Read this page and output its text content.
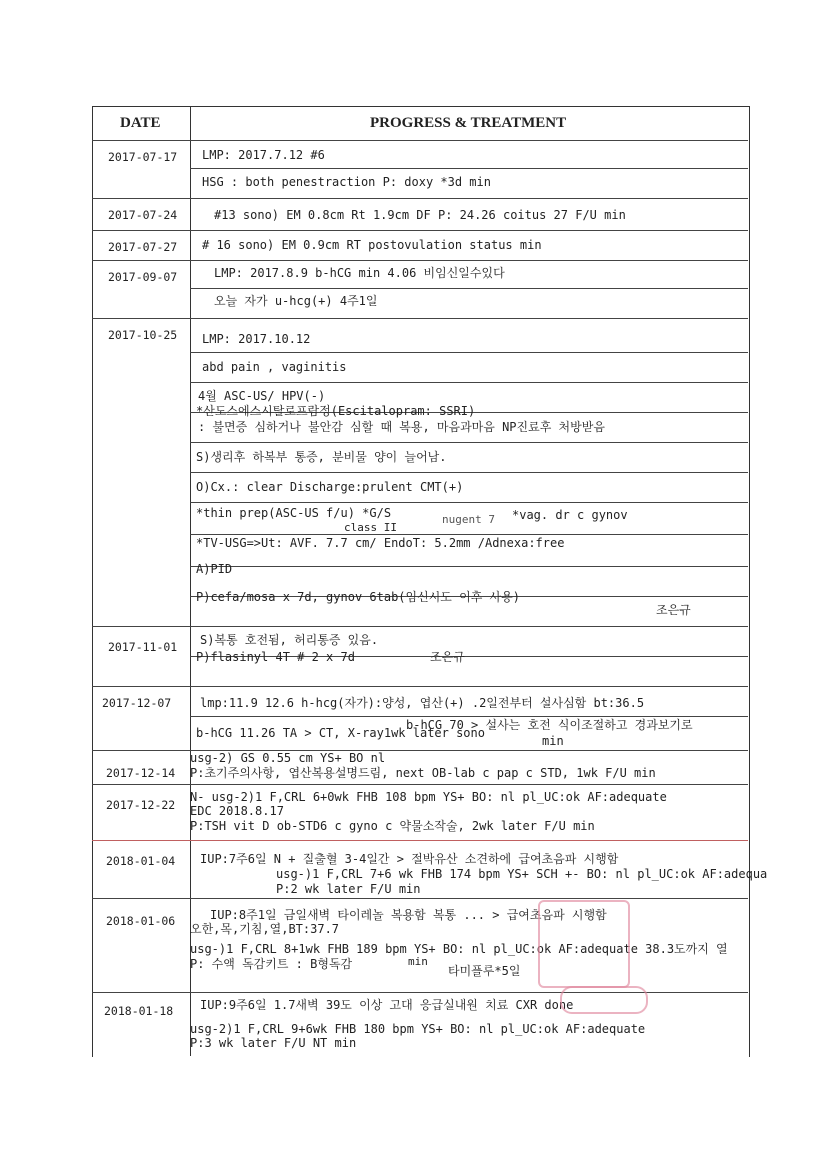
DATE	PROGRESS & TREATMENT
2017-07-17 LMP: 2017.7.12 #6
HSG : both penestraction P: doxy *3d min
2017-07-24	#13 sono) EM 0.8cm Rt 1.9cm DF P: 24.26 coitus 27 F/U min
2017-07-27 # 16 sono) EM 0.9cm RT postovulation status min
2017-09-07	LMP: 2017.8.9 b-hCG min 4.06 비임신일수있다
오늘 자가 u-hcg(+) 4주1일
2017-10-25 LMP: 2017.10.12
abd pain , vaginitis
4월 ASC-US/ HPV(-)
*산도스에스시탈로프람정(Escitalopram: SSRI)
: 불면증 심하거나 불안감 심할 때 복용, 마음과마음 NP진료후 처방받음
S)생리후 하복부 통증, 분비물 양이 늘어남.
O)Cx.: clear Discharge:prulent CMT(+)
*thin prep(ASC-US f/u) *G/S	nugent 7 *vag. dr c gynov
class II
*TV-USG=>Ut: AVF. 7.7 cm/ EndoT: 5.2mm /Adnexa:free
A)PID
P)cefa/mosa x 7d, gynov 6tab(임신시도 이후 사용)
조은규
2017-11-01 S)복통 호전됨, 허리통증 있음.
P)flasinyl 4T # 2 x 7d	조은규
2017-12-07 lmp:11.9 12.6 h-hcg(자가):양성, 엽산(+) .2일전부터 설사심함 bt:36.5
b-hCG 11.26 TA > CT, X-ray1wk later sono
b-hCG 70 > 설사는 호전 식이조절하고 경과보기로
min
2017-12-14
usg-2) GS 0.55 cm YS+ BO nl
P:초기주의사항, 엽산복용설명드림, next OB-lab c pap c STD, 1wk F/U min
2017-12-22
N- usg-2)1 F,CRL 6+0wk FHB 108 bpm YS+ BO: nl pl_UC:ok AF:adequate
EDC 2018.8.17
P:TSH vit D ob-STD6 c gyno c 약물소작술, 2wk later F/U min
2018-01-04 IUP:7주6일 N + 질출혈 3-4일간 > 절박유산 소견하에 급여초음파 시행함
usg-)1 F,CRL 7+6 wk FHB 174 bpm YS+ SCH +- BO: nl pl_UC:ok AF:adequa
P:2 wk later F/U min
2018-01-06	IUP:8주1일 금일새벽 타이레놀 복용함 복통 ... > 급여초음파 시행함
오한,목,기침,열,BT:37.7
usg-)1 F,CRL 8+1wk FHB 189 bpm YS+ BO: nl pl_UC:ok AF:adequate 38.3도까지 열
P: 수액 독감키트 : B형독감	min
타미플루*5일
2018-01-18 IUP:9주6일 1.7새벽 39도 이상 고대 응급실내원 치료 CXR done
usg-2)1 F,CRL 9+6wk FHB 180 bpm YS+ BO: nl pl_UC:ok AF:adequate
P:3 wk later F/U NT min
